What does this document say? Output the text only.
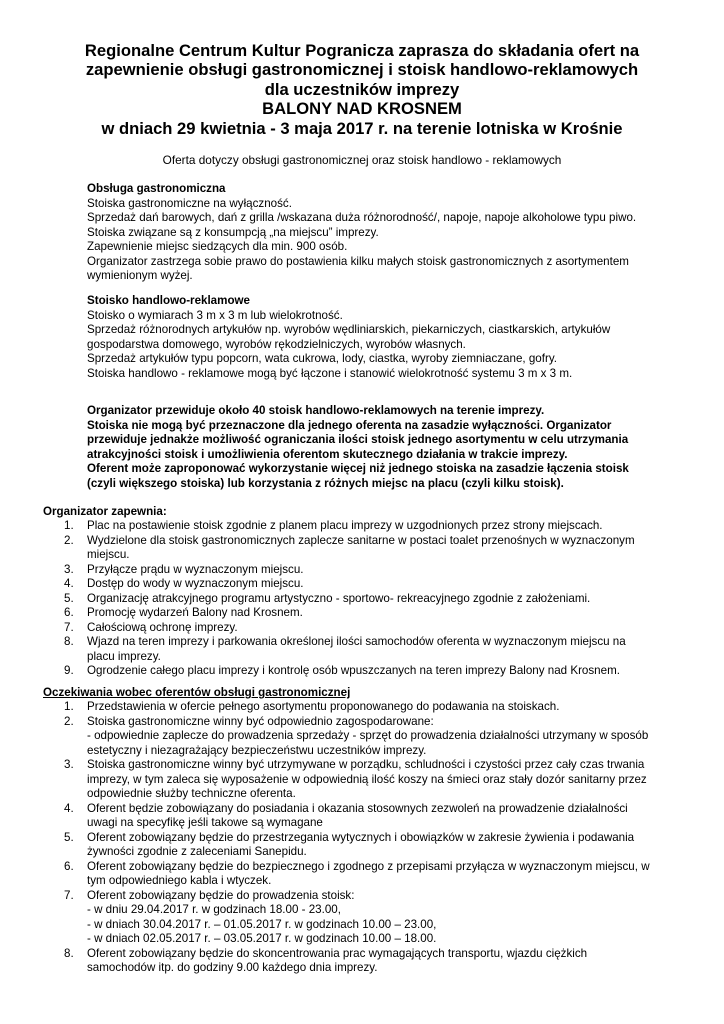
Regionalne Centrum Kultur Pogranicza zaprasza do składania ofert na
zapewnienie obsługi gastronomicznej i stoisk handlowo-reklamowych
dla uczestników imprezy
BALONY NAD KROSNEM
w dniach 29 kwietnia - 3 maja 2017 r. na terenie lotniska w Krośnie
Oferta dotyczy obsługi gastronomicznej oraz stoisk handlowo - reklamowych
Obsługa gastronomiczna
Stoiska gastronomiczne na wyłączność.
Sprzedaż dań barowych, dań z grilla /wskazana duża różnorodność/, napoje, napoje alkoholowe typu piwo.
Stoiska związane są z konsumpcją „na miejscu” imprezy.
Zapewnienie miejsc siedzących dla min. 900 osób.
Organizator zastrzega sobie prawo do postawienia kilku małych stoisk gastronomicznych z asortymentem
wymienionym wyżej.
Stoisko handlowo-reklamowe
Stoisko o wymiarach 3 m x 3 m lub wielokrotność.
Sprzedaż różnorodnych artykułów np. wyrobów wędliniarskich, piekarniczych, ciastkarskich, artykułów
gospodarstwa domowego, wyrobów rękodzielniczych, wyrobów własnych.
Sprzedaż artykułów typu popcorn, wata cukrowa, lody, ciastka, wyroby ziemniaczane, gofry.
Stoiska handlowo - reklamowe mogą być łączone i stanowić wielokrotność systemu 3 m x 3 m.
Organizator przewiduje około 40 stoisk handlowo-reklamowych na terenie imprezy.
Stoiska nie mogą być przeznaczone dla jednego oferenta na zasadzie wyłączności. Organizator
przewiduje jednakże możliwość ograniczania ilości stoisk jednego asortymentu w celu utrzymania
atrakcyjności stoisk i umożliwienia oferentom skutecznego działania w trakcie imprezy.
Oferent może zaproponować wykorzystanie więcej niż jednego stoiska na zasadzie łączenia stoisk
(czyli większego stoiska) lub korzystania z różnych miejsc na placu (czyli kilku stoisk).
Organizator zapewnia:
1. Plac na postawienie stoisk zgodnie z planem placu imprezy w uzgodnionych przez strony miejscach.
2. Wydzielone dla stoisk gastronomicznych zaplecze sanitarne w postaci toalet przenośnych w wyznaczonym
miejscu.
3. Przyłącze prądu w wyznaczonym miejscu.
4. Dostęp do wody w wyznaczonym miejscu.
5. Organizację atrakcyjnego programu artystyczno - sportowo- rekreacyjnego zgodnie z założeniami.
6. Promocję wydarzeń Balony nad Krosnem.
7. Całościową ochronę imprezy.
8. Wjazd na teren imprezy i parkowania określonej ilości samochodów oferenta w wyznaczonym miejscu na
placu imprezy.
9. Ogrodzenie całego placu imprezy i kontrolę osób wpuszczanych na teren imprezy Balony nad Krosnem.
Oczekiwania wobec oferentów obsługi gastronomicznej
1. Przedstawienia w ofercie pełnego asortymentu proponowanego do podawania na stoiskach.
2. Stoiska gastronomiczne winny być odpowiednio zagospodarowane:
- odpowiednie zaplecze do prowadzenia sprzedaży - sprzęt do prowadzenia działalności utrzymany w sposób
estetyczny i niezagrażający bezpieczeństwu uczestników imprezy.
3. Stoiska gastronomiczne winny być utrzymywane w porządku, schludności i czystości przez cały czas trwania
imprezy, w tym zaleca się wyposażenie w odpowiednią ilość koszy na śmieci oraz stały dozór sanitarny przez
odpowiednie służby techniczne oferenta.
4. Oferent będzie zobowiązany do posiadania i okazania stosownych zezwoleń na prowadzenie działalności
uwagi na specyfikę jeśli takowe są wymagane
5. Oferent zobowiązany będzie do przestrzegania wytycznych i obowiązków w zakresie żywienia i podawania
żywności zgodnie z zaleceniami Sanepidu.
6. Oferent zobowiązany będzie do bezpiecznego i zgodnego z przepisami przyłącza w wyznaczonym miejscu, w
tym odpowiedniego kabla i wtyczek.
7. Oferent zobowiązany będzie do prowadzenia stoisk:
- w dniu 29.04.2017 r. w godzinach 18.00 - 23.00,
- w dniach 30.04.2017 r. – 01.05.2017 r. w godzinach 10.00 – 23.00,
- w dniach 02.05.2017 r. – 03.05.2017 r. w godzinach 10.00 – 18.00.
8. Oferent zobowiązany będzie do skoncentrowania prac wymagających transportu, wjazdu ciężkich
samochodów itp. do godziny 9.00 każdego dnia imprezy.
